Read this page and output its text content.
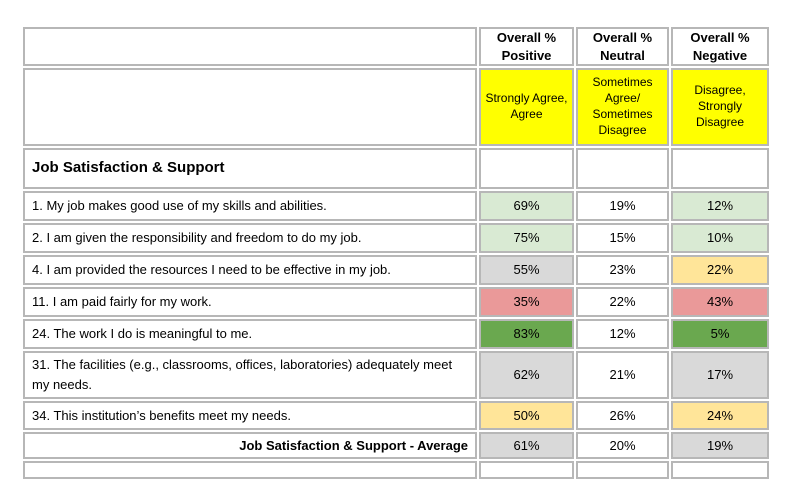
	Overall % Positive	Overall % Neutral	Overall % Negative
	Strongly Agree, Agree	Sometimes Agree/ Sometimes Disagree	Disagree, Strongly Disagree
Job Satisfaction & Support			
1. My job makes good use of my skills and abilities.	69%	19%	12%
2. I am given the responsibility and freedom to do my job.	75%	15%	10%
4. I am provided the resources I need to be effective in my job.	55%	23%	22%
11. I am paid fairly for my work.	35%	22%	43%
24. The work I do is meaningful to me.	83%	12%	5%
31. The facilities (e.g., classrooms, offices, laboratories) adequately meet my needs.	62%	21%	17%
34. This institution’s benefits meet my needs.	50%	26%	24%
Job Satisfaction & Support - Average	61%	20%	19%
